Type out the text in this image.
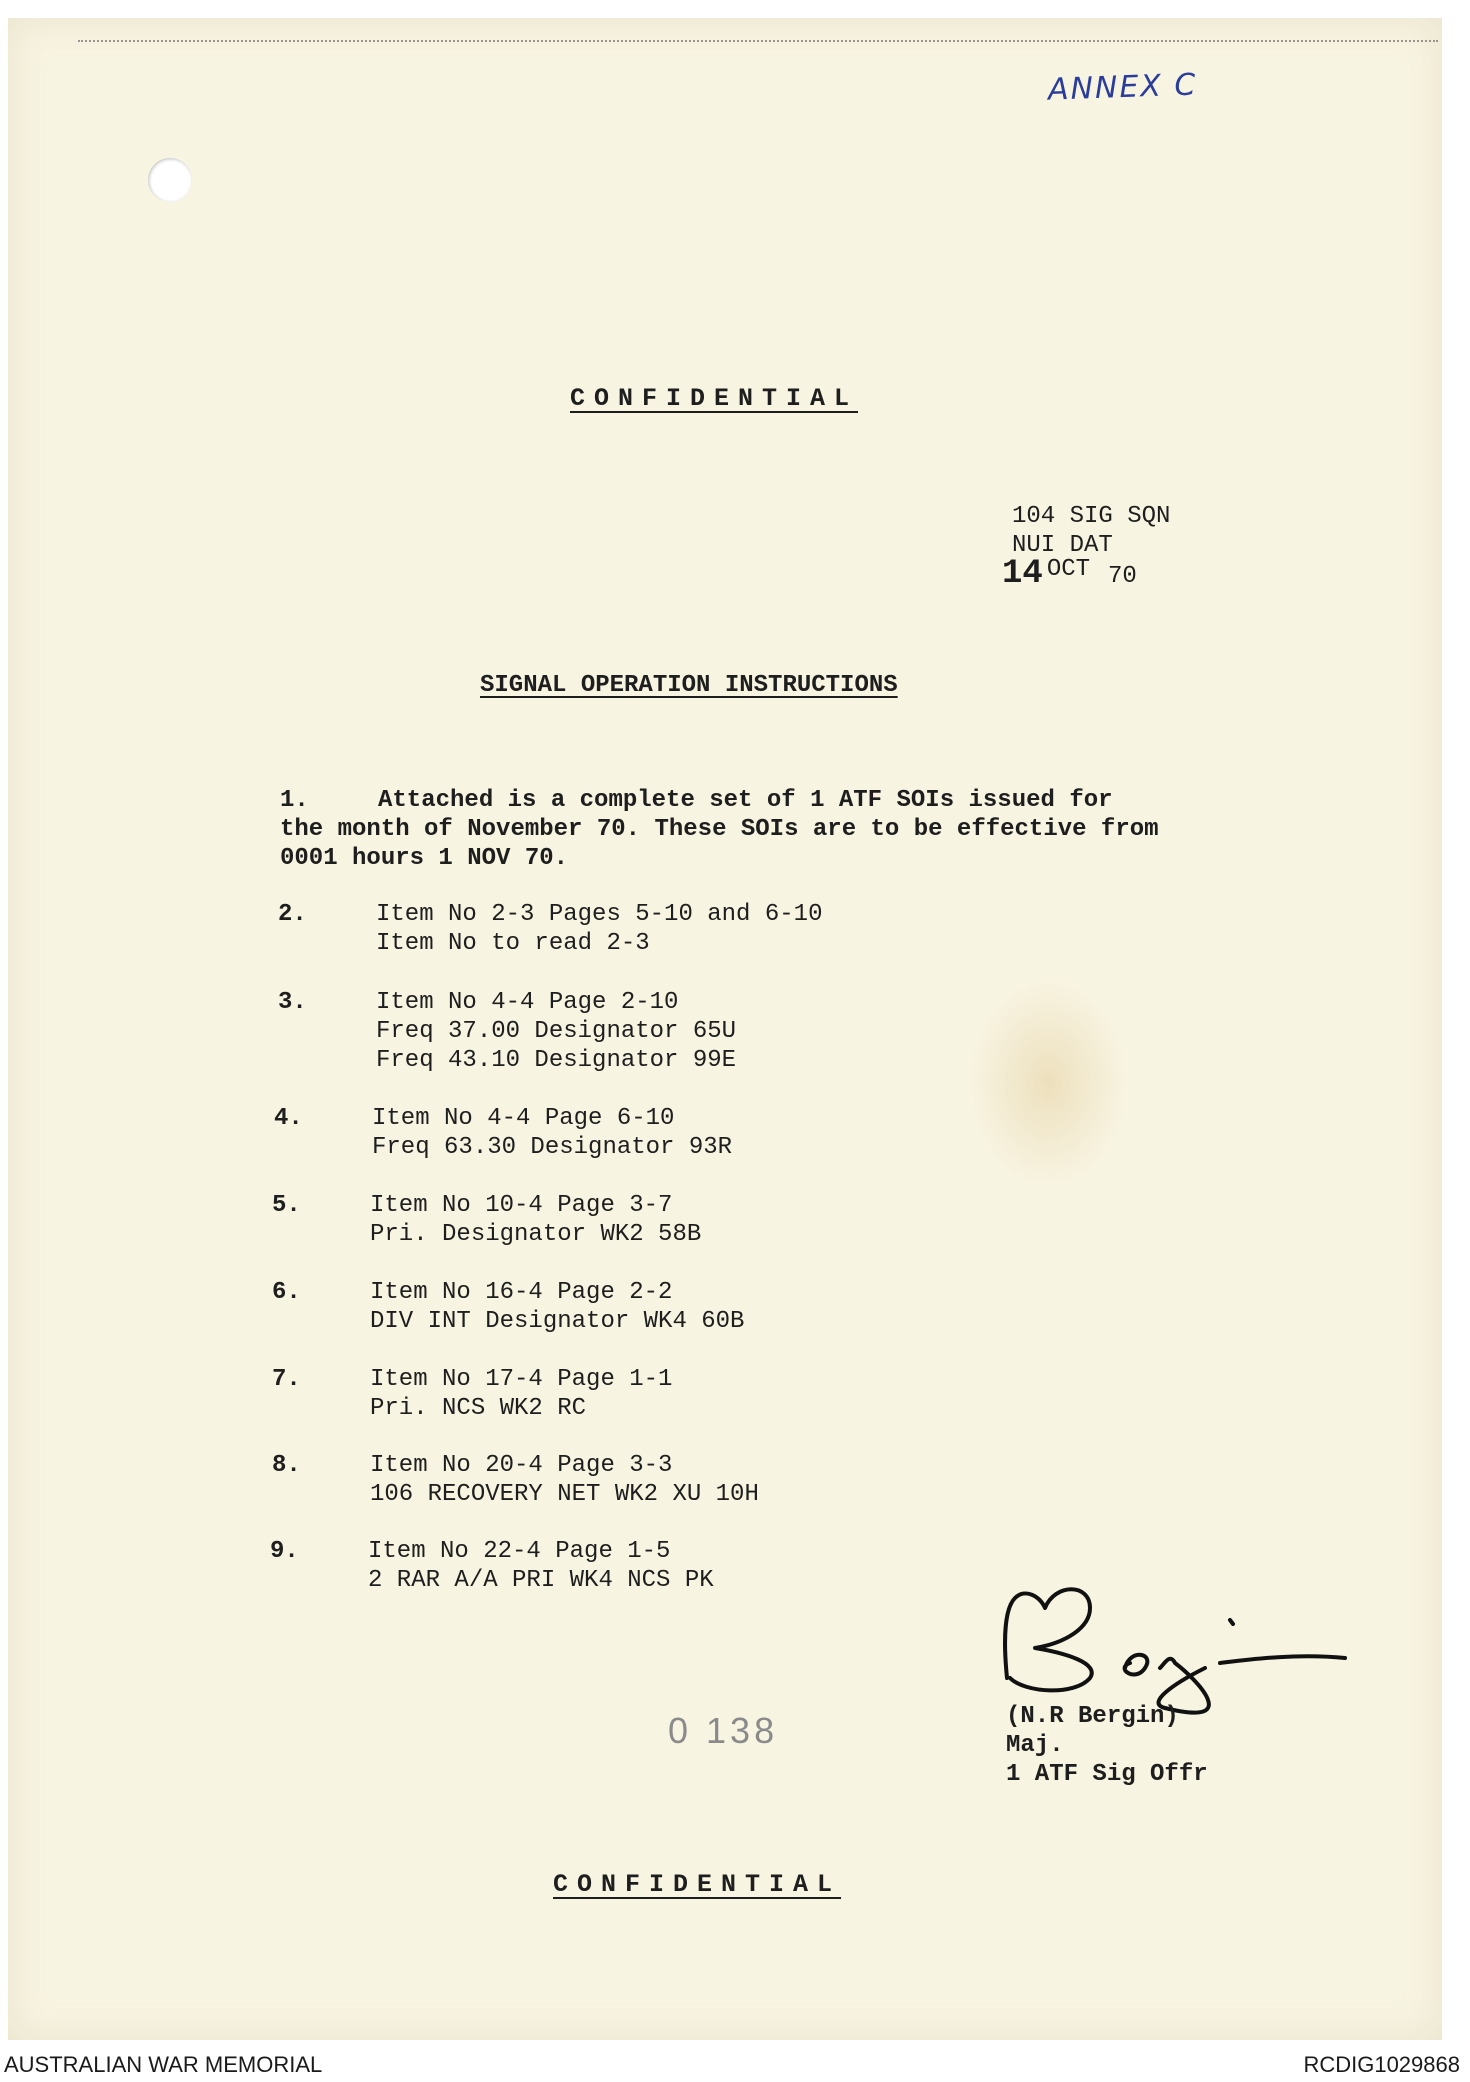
ANNEX C
CONFIDENTIAL
104 SIG SQN
NUI DAT
14 OCT 70
SIGNAL OPERATION INSTRUCTIONS
1.	Attached is a complete set of 1 ATF SOIs issued for
the month of November 70. These SOIs are to be effective from
0001 hours 1 NOV 70.
2.	Item No 2-3 Pages 5-10 and 6-10
Item No to read 2-3
3.	Item No 4-4 Page 2-10
Freq 37.00 Designator 65U
Freq 43.10 Designator 99E
4.	Item No 4-4 Page 6-10
Freq 63.30 Designator 93R
5.	Item No 10-4 Page 3-7
Pri. Designator WK2 58B
6.	Item No 16-4 Page 2-2
DIV INT Designator WK4 60B
7.	Item No 17-4 Page 1-1
Pri. NCS WK2 RC
8.	Item No 20-4 Page 3-3
106 RECOVERY NET WK2 XU 10H
9.	Item No 22-4 Page 1-5
2 RAR A/A PRI WK4 NCS PK
(N.R Bergin)
Maj.
1 ATF Sig Offr
0 138
CONFIDENTIAL
AUSTRALIAN WAR MEMORIAL	RCDIG1029868
